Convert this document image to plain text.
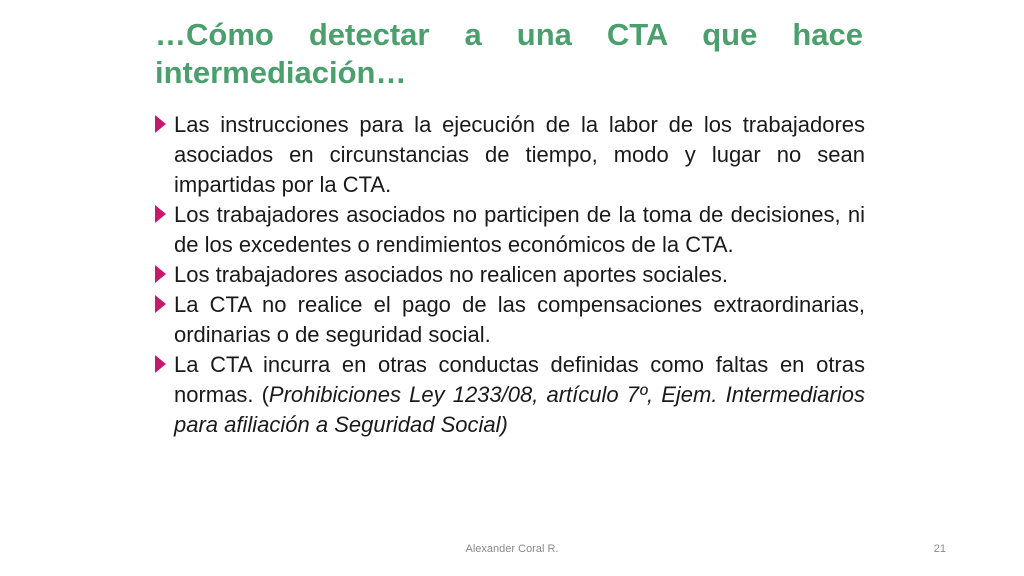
…Cómo detectar a una CTA que hace
intermediación…
Las instrucciones para la ejecución de la labor de los trabajadores asociados en circunstancias de tiempo, modo y lugar no sean impartidas por la CTA.
Los trabajadores asociados no participen de la toma de decisiones, ni de los excedentes o rendimientos económicos de la CTA.
Los trabajadores asociados no realicen aportes sociales.
La CTA no realice el pago de las compensaciones extraordinarias, ordinarias o de seguridad social.
La CTA incurra en otras conductas definidas como faltas en otras normas. (Prohibiciones Ley 1233/08, artículo 7º, Ejem. Intermediarios para afiliación a Seguridad Social)
Alexander Coral R.	21
